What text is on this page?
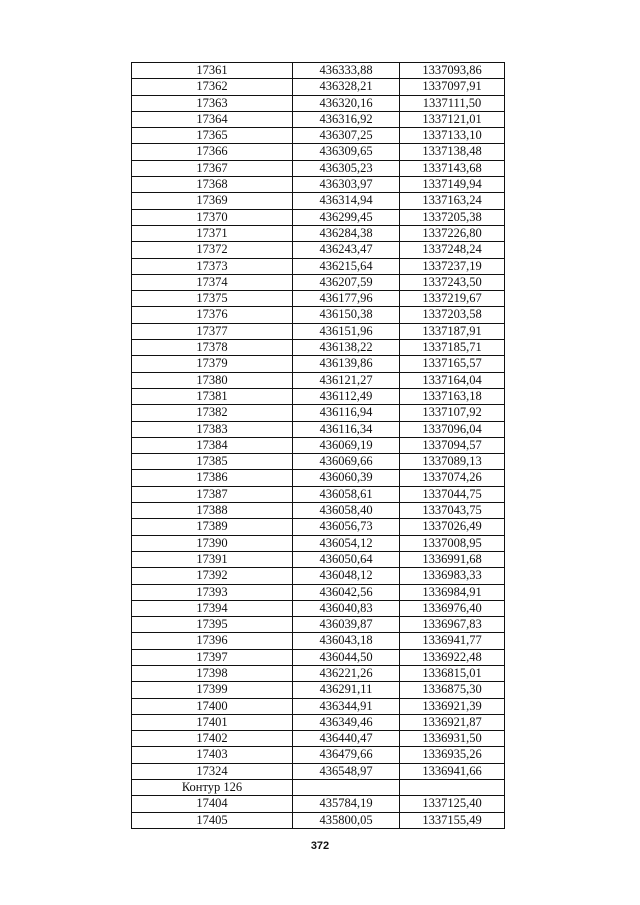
17361	436333,88	1337093,86
17362	436328,21	1337097,91
17363	436320,16	1337111,50
17364	436316,92	1337121,01
17365	436307,25	1337133,10
17366	436309,65	1337138,48
17367	436305,23	1337143,68
17368	436303,97	1337149,94
17369	436314,94	1337163,24
17370	436299,45	1337205,38
17371	436284,38	1337226,80
17372	436243,47	1337248,24
17373	436215,64	1337237,19
17374	436207,59	1337243,50
17375	436177,96	1337219,67
17376	436150,38	1337203,58
17377	436151,96	1337187,91
17378	436138,22	1337185,71
17379	436139,86	1337165,57
17380	436121,27	1337164,04
17381	436112,49	1337163,18
17382	436116,94	1337107,92
17383	436116,34	1337096,04
17384	436069,19	1337094,57
17385	436069,66	1337089,13
17386	436060,39	1337074,26
17387	436058,61	1337044,75
17388	436058,40	1337043,75
17389	436056,73	1337026,49
17390	436054,12	1337008,95
17391	436050,64	1336991,68
17392	436048,12	1336983,33
17393	436042,56	1336984,91
17394	436040,83	1336976,40
17395	436039,87	1336967,83
17396	436043,18	1336941,77
17397	436044,50	1336922,48
17398	436221,26	1336815,01
17399	436291,11	1336875,30
17400	436344,91	1336921,39
17401	436349,46	1336921,87
17402	436440,47	1336931,50
17403	436479,66	1336935,26
17324	436548,97	1336941,66
Контур 126		
17404	435784,19	1337125,40
17405	435800,05	1337155,49
372
